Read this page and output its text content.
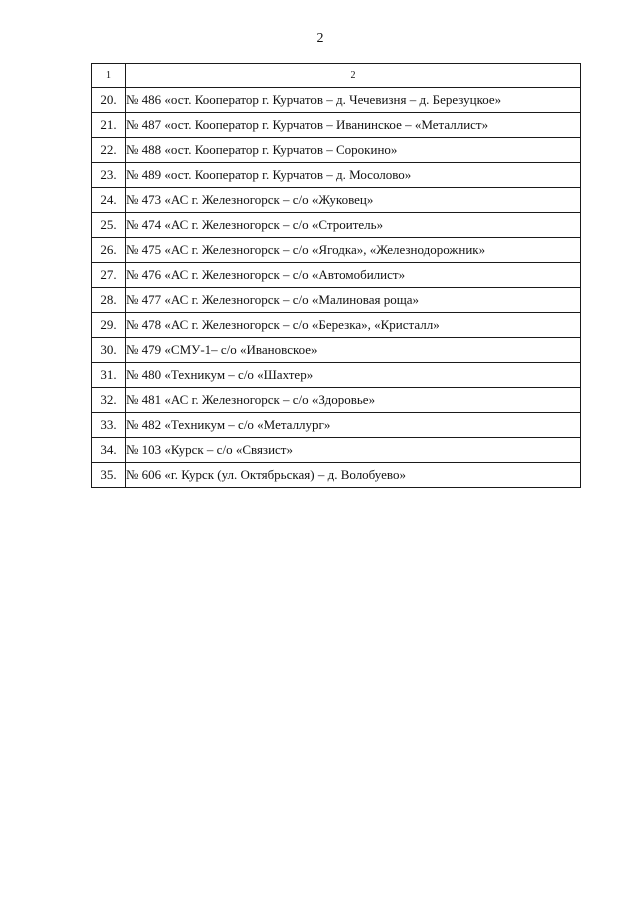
2
1	2
20.	№ 486 «ост. Кооператор г. Курчатов – д. Чечевизня – д. Березуцкое»
21.	№ 487 «ост. Кооператор г. Курчатов – Иванинское – «Металлист»
22.	№ 488 «ост. Кооператор г. Курчатов – Сорокино»
23.	№ 489 «ост. Кооператор г. Курчатов – д. Мосолово»
24.	№ 473 «АС г. Железногорск – с/о «Жуковец»
25.	№ 474 «АС г. Железногорск – с/о «Строитель»
26.	№ 475 «АС г. Железногорск – с/о «Ягодка», «Железнодорожник»
27.	№ 476 «АС г. Железногорск – с/о «Автомобилист»
28.	№ 477 «АС г. Железногорск – с/о «Малиновая роща»
29.	№ 478 «АС г. Железногорск – с/о «Березка», «Кристалл»
30.	№ 479 «СМУ-1– с/о «Ивановское»
31.	№ 480 «Техникум – с/о «Шахтер»
32.	№ 481 «АС г. Железногорск – с/о «Здоровье»
33.	№ 482 «Техникум – с/о «Металлург»
34.	№ 103 «Курск – с/о «Связист»
35.	№ 606 «г. Курск (ул. Октябрьская) – д. Волобуево»
